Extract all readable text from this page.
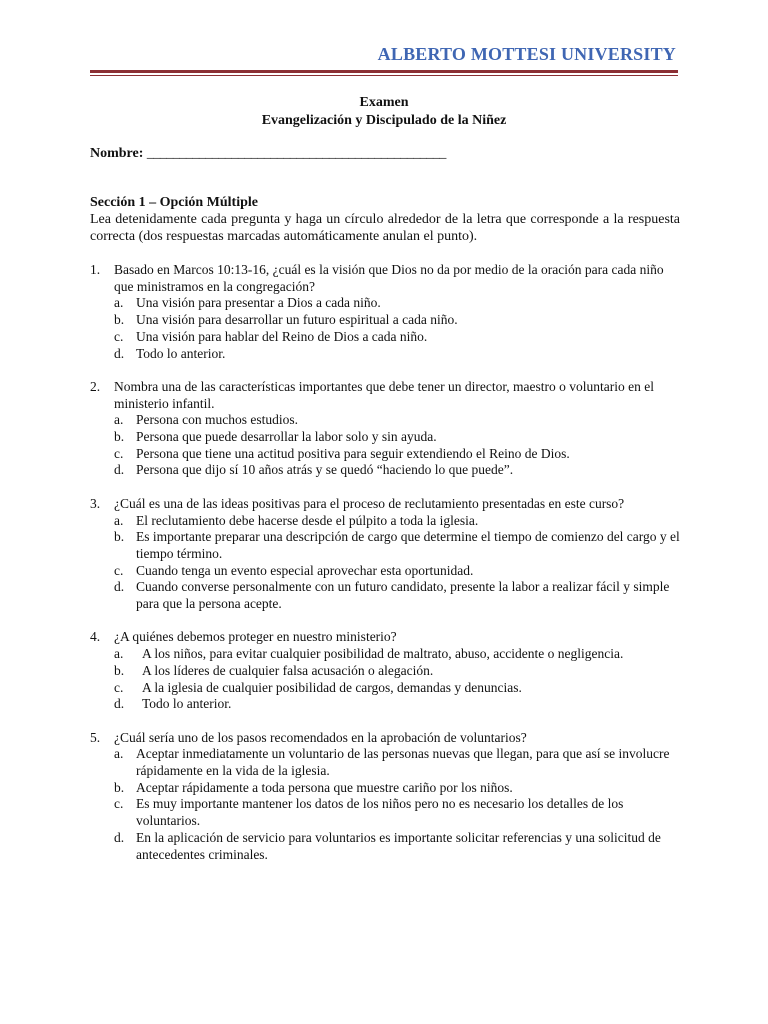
ALBERTO MOTTESI UNIVERSITY
Examen
Evangelización y Discipulado de la Niñez
Nombre: ______________________________________________
Sección 1 – Opción Múltiple
Lea detenidamente cada pregunta y haga un círculo alrededor de la letra que corresponde a la respuesta correcta (dos respuestas marcadas automáticamente anulan el punto).
1. Basado en Marcos 10:13-16, ¿cuál es la visión que Dios no da por medio de la oración para cada niño que ministramos en la congregación?
a. Una visión para presentar a Dios a cada niño.
b. Una visión para desarrollar un futuro espiritual a cada niño.
c. Una visión para hablar del Reino de Dios a cada niño.
d. Todo lo anterior.
2. Nombra una de las características importantes que debe tener un director, maestro o voluntario en el ministerio infantil.
a. Persona con muchos estudios.
b. Persona que puede desarrollar la labor solo y sin ayuda.
c. Persona que tiene una actitud positiva para seguir extendiendo el Reino de Dios.
d. Persona que dijo sí 10 años atrás y se quedó “haciendo lo que puede”.
3. ¿Cuál es una de las ideas positivas para el proceso de reclutamiento presentadas en este curso?
a. El reclutamiento debe hacerse desde el púlpito a toda la iglesia.
b. Es importante preparar una descripción de cargo que determine el tiempo de comienzo del cargo y el tiempo término.
c. Cuando tenga un evento especial aprovechar esta oportunidad.
d. Cuando converse personalmente con un futuro candidato, presente la labor a realizar fácil y simple para que la persona acepte.
4. ¿A quiénes debemos proteger en nuestro ministerio?
a.	A los niños, para evitar cualquier posibilidad de maltrato, abuso, accidente o negligencia.
b.	A los líderes de cualquier falsa acusación o alegación.
c.	A la iglesia de cualquier posibilidad de cargos, demandas y denuncias.
d.	Todo lo anterior.
5. ¿Cuál sería uno de los pasos recomendados en la aprobación de voluntarios?
a. Aceptar inmediatamente un voluntario de las personas nuevas que llegan, para que así se involucre rápidamente en la vida de la iglesia.
b. Aceptar rápidamente a toda persona que muestre cariño por los niños.
c. Es muy importante mantener los datos de los niños pero no es necesario los detalles de los voluntarios.
d. En la aplicación de servicio para voluntarios es importante solicitar referencias y una solicitud de antecedentes criminales.
